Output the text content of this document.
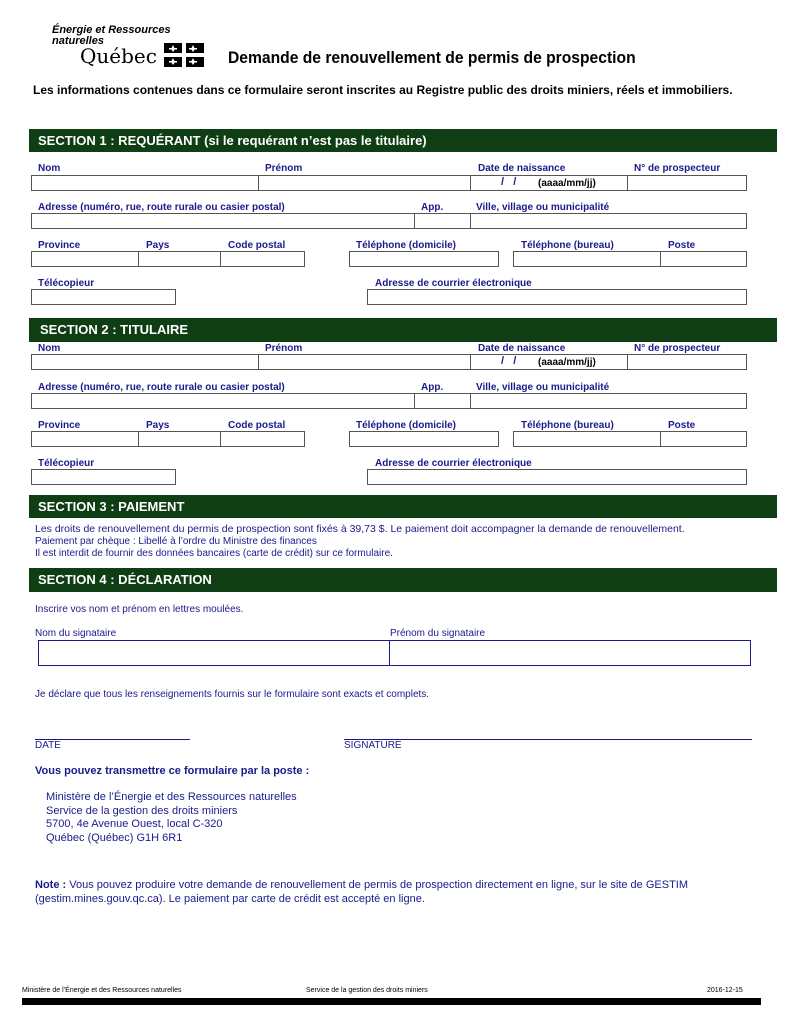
Énergie et Ressources
naturelles
Québec	Demande de renouvellement de permis de prospection
Les informations contenues dans ce formulaire seront inscrites au Registre public des droits miniers, réels et immobiliers.
SECTION 1 : REQUÉRANT (si le requérant n’est pas le titulaire)
Nom	Prénom	Date de naissance	N° de prospecteur
/   / (aaaa/mm/jj)
Adresse (numéro, rue, route rurale ou casier postal)	App.	Ville, village ou municipalité
Province	Pays	Code postal	Téléphone (domicile)	Téléphone (bureau)	Poste
Télécopieur	Adresse de courrier électronique
SECTION 2 : TITULAIRE
Nom	Prénom	Date de naissance	N° de prospecteur
/   / (aaaa/mm/jj)
Adresse (numéro, rue, route rurale ou casier postal)	App.	Ville, village ou municipalité
Province	Pays	Code postal	Téléphone (domicile)	Téléphone (bureau)	Poste
Télécopieur	Adresse de courrier électronique
SECTION 3 : PAIEMENT
Les droits de renouvellement du permis de prospection sont fixés à 39,73 $. Le paiement doit accompagner la demande de renouvellement.
Paiement par chèque : Libellé à l’ordre du Ministre des finances
Il est interdit de fournir des données bancaires (carte de crédit) sur ce formulaire.
SECTION 4 : DÉCLARATION
Inscrire vos nom et prénom en lettres moulées.
Nom du signataire	Prénom du signataire
Je déclare que tous les renseignements fournis sur le formulaire sont exacts et complets.
DATE	SIGNATURE
Vous pouvez transmettre ce formulaire par la poste :
Ministère de l’Énergie et des Ressources naturelles
Service de la gestion des droits miniers
5700, 4e Avenue Ouest, local C-320
Québec (Québec) G1H 6R1
Note : Vous pouvez produire votre demande de renouvellement de permis de prospection directement en ligne, sur le site de GESTIM
(gestim.mines.gouv.qc.ca). Le paiement par carte de crédit est accepté en ligne.
Ministère de l’Énergie et des Ressources naturelles	Service de la gestion des droits miniers	2016-12-15
